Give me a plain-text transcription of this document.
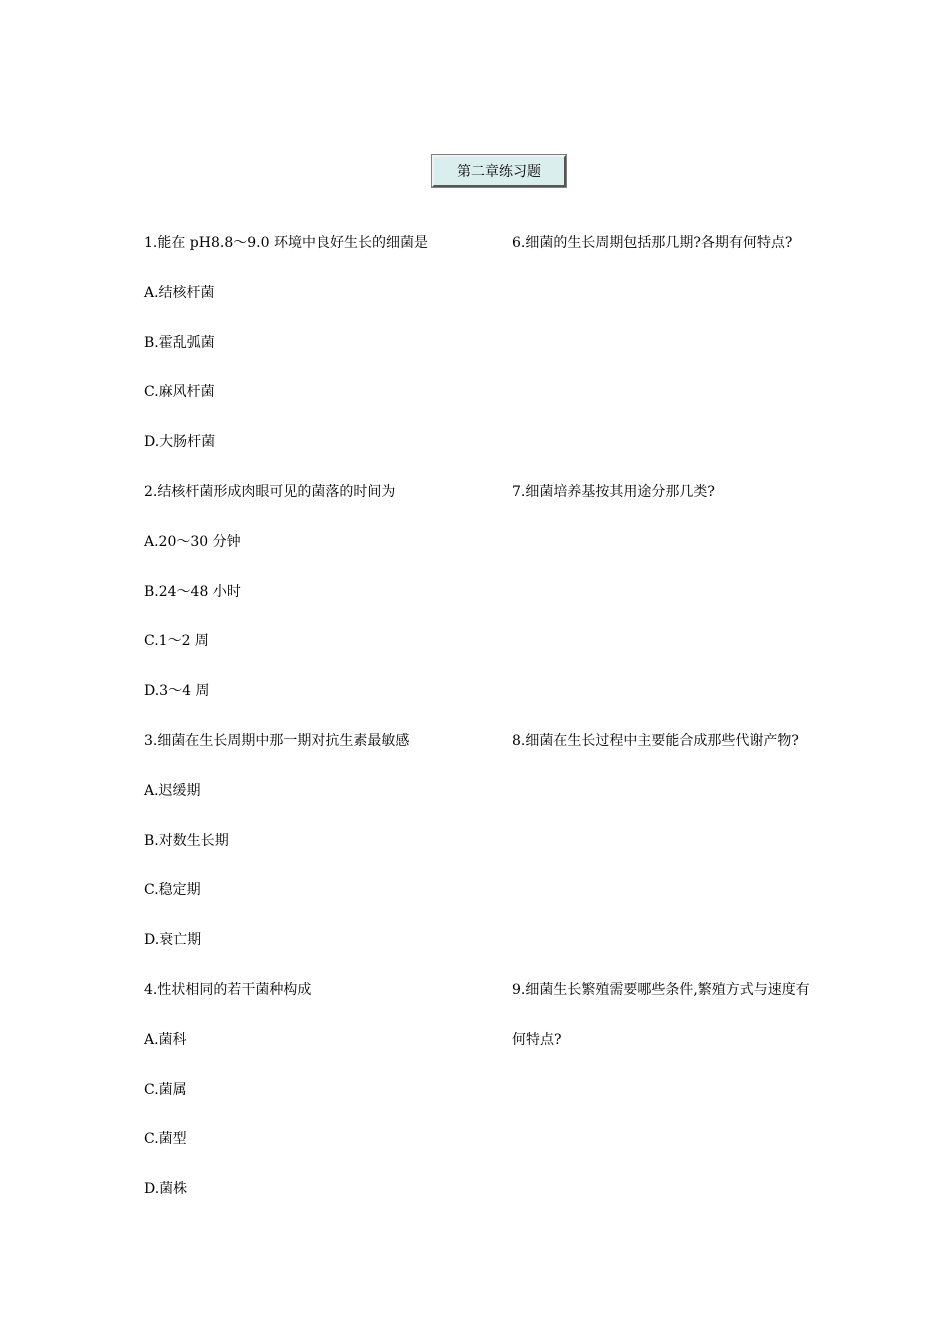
第二章练习题
1.能在 pH8.8～9.0 环境中良好生长的细菌是
A.结核杆菌
B.霍乱弧菌
C.麻风杆菌
D.大肠杆菌
2.结核杆菌形成肉眼可见的菌落的时间为
A.20～30 分钟
B.24～48 小时
C.1～2 周
D.3～4 周
3.细菌在生长周期中那一期对抗生素最敏感
A.迟缓期
B.对数生长期
C.稳定期
D.衰亡期
4.性状相同的若干菌种构成
A.菌科
C.菌属
C.菌型
D.菌株
6.细菌的生长周期包括那几期?各期有何特点?
7.细菌培养基按其用途分那几类?
8.细菌在生长过程中主要能合成那些代谢产物?
9.细菌生长繁殖需要哪些条件,繁殖方式与速度有
何特点?
